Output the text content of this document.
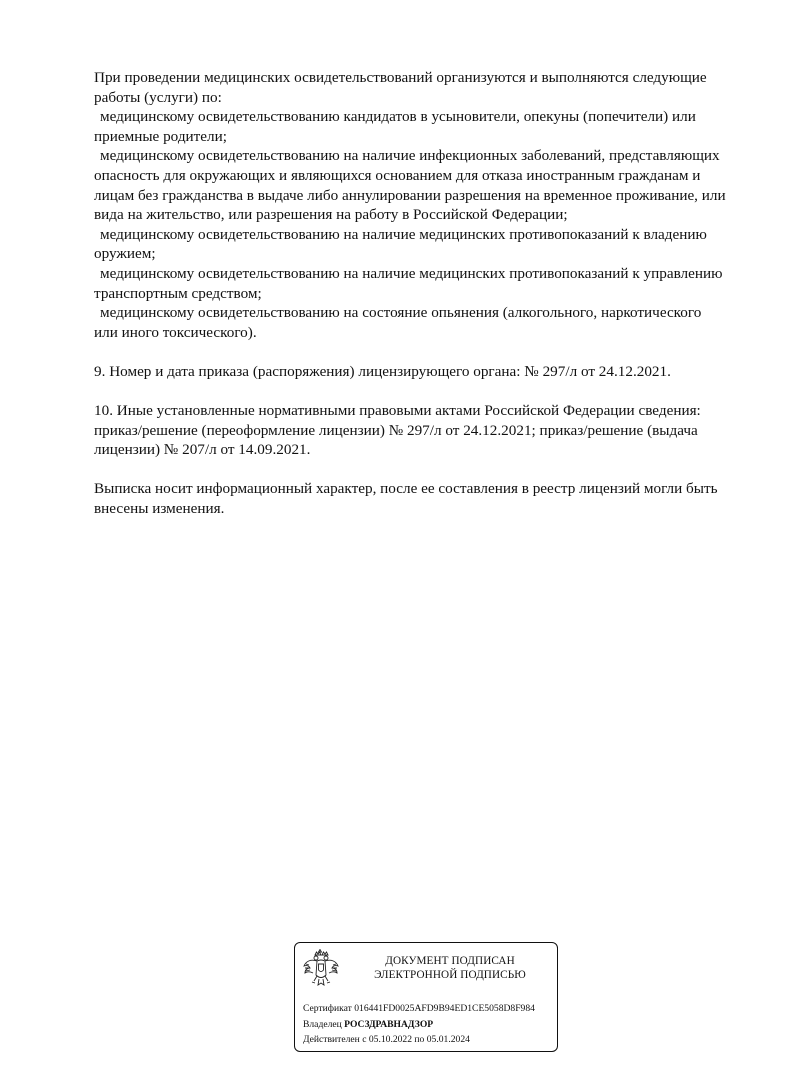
При проведении медицинских освидетельствований организуются и выполняются следующие
работы (услуги) по:

медицинскому освидетельствованию кандидатов в усыновители, опекуны (попечители) или
приемные родители;
медицинскому освидетельствованию на наличие инфекционных заболеваний, представляющих
опасность для окружающих и являющихся основанием для отказа иностранным гражданам и
лицам без гражданства в выдаче либо аннулировании разрешения на временное проживание, или
вида на жительство, или разрешения на работу в Российской Федерации;
медицинскому освидетельствованию на наличие медицинских противопоказаний к владению
оружием;
медицинскому освидетельствованию на наличие медицинских противопоказаний к управлению
транспортным средством;
медицинскому освидетельствованию на состояние опьянения (алкогольного, наркотического
или иного токсического).

9. Номер и дата приказа (распоряжения) лицензирующего органа: № 297/л от 24.12.2021.

10. Иные установленные нормативными правовыми актами Российской Федерации сведения:
приказ/решение (переоформление лицензии) № 297/л от 24.12.2021; приказ/решение (выдача
лицензии) № 207/л от 14.09.2021.

Выписка носит информационный характер, после ее составления в реестр лицензий могли быть
внесены изменения.

ДОКУМЕНТ ПОДПИСАН
ЭЛЕКТРОННОЙ ПОДПИСЬЮ
Сертификат 016441FD0025AFD9B94ED1CE5058D8F984
Владелец РОСЗДРАВНАДЗОР
Действителен с 05.10.2022 по 05.01.2024
